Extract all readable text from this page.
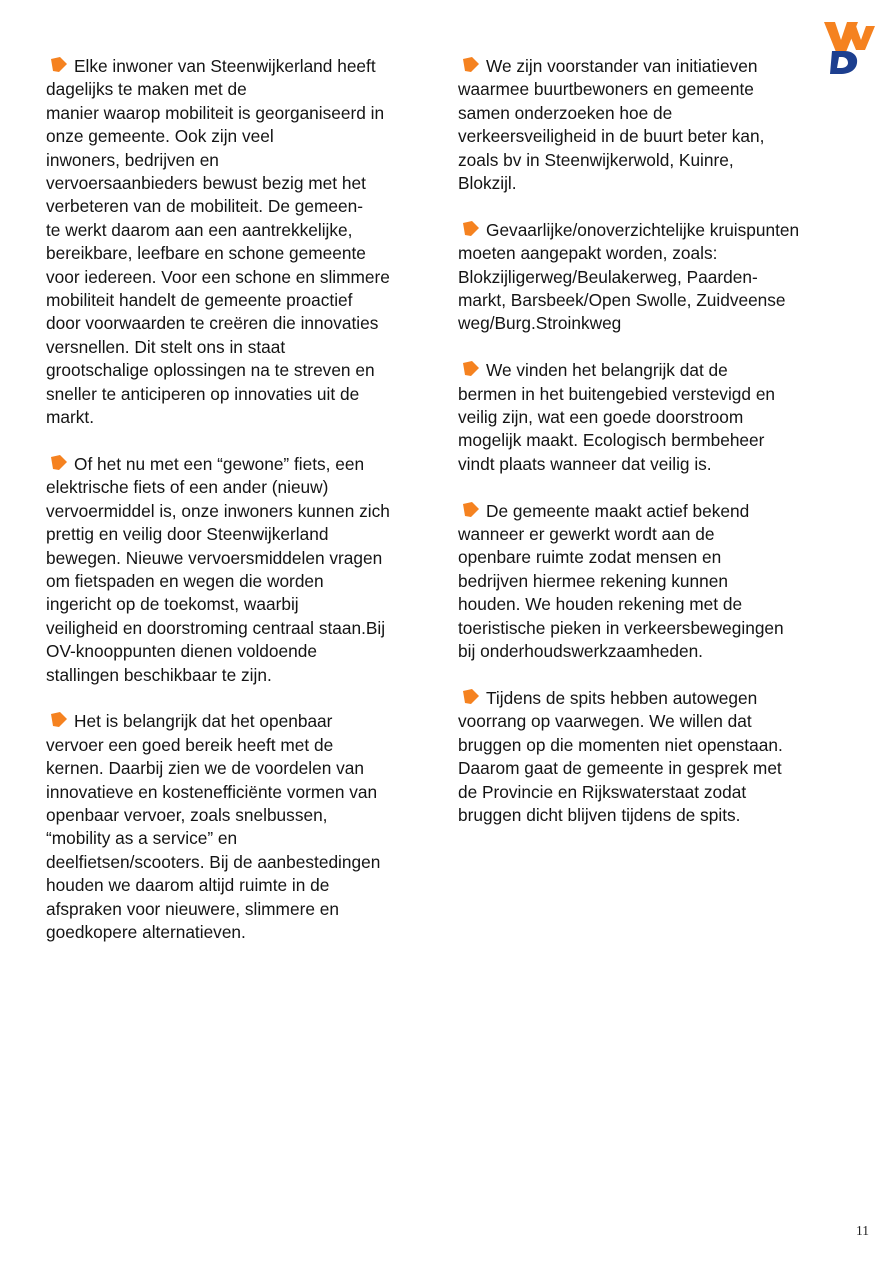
Elke inwoner van Steenwijkerland heeft
dagelijks te maken met de
manier waarop mobiliteit is georganiseerd in
onze gemeente. Ook zijn veel
inwoners, bedrijven en
vervoersaanbieders bewust bezig met het
verbeteren van de mobiliteit. De gemeen-
te werkt daarom aan een aantrekkelijke,
bereikbare, leefbare en schone gemeente
voor iedereen. Voor een schone en slimmere
mobiliteit handelt de gemeente proactief
door voorwaarden te creëren die innovaties
versnellen. Dit stelt ons in staat
grootschalige oplossingen na te streven en
sneller te anticiperen op innovaties uit de
markt.

Of het nu met een “gewone” fiets, een
elektrische fiets of een ander (nieuw)
vervoermiddel is, onze inwoners kunnen zich
prettig en veilig door Steenwijkerland
bewegen. Nieuwe vervoersmiddelen vragen
om fietspaden en wegen die worden
ingericht op de toekomst, waarbij
veiligheid en doorstroming centraal staan.Bij
OV-knooppunten dienen voldoende
stallingen beschikbaar te zijn.

Het is belangrijk dat het openbaar
vervoer een goed bereik heeft met de
kernen. Daarbij zien we de voordelen van
innovatieve en kostenefficiënte vormen van
openbaar vervoer, zoals snelbussen,
“mobility as a service” en
deelfietsen/scooters. Bij de aanbestedingen
houden we daarom altijd ruimte in de
afspraken voor nieuwere, slimmere en
goedkopere alternatieven.

We zijn voorstander van initiatieven
waarmee buurtbewoners en gemeente
samen onderzoeken hoe de
verkeersveiligheid in de buurt beter kan,
zoals bv in Steenwijkerwold, Kuinre,
Blokzijl.

Gevaarlijke/onoverzichtelijke kruispunten
moeten aangepakt worden, zoals:
Blokzijligerweg/Beulakerweg, Paarden-
markt, Barsbeek/Open Swolle, Zuidveense
weg/Burg.Stroinkweg

We vinden het belangrijk dat de
bermen in het buitengebied verstevigd en
veilig zijn, wat een goede doorstroom
mogelijk maakt. Ecologisch bermbeheer
vindt plaats wanneer dat veilig is.

De gemeente maakt actief bekend
wanneer er gewerkt wordt aan de
openbare ruimte zodat mensen en
bedrijven hiermee rekening kunnen
houden. We houden rekening met de
toeristische pieken in verkeersbewegingen
bij onderhoudswerkzaamheden.

Tijdens de spits hebben autowegen
voorrang op vaarwegen. We willen dat
bruggen op die momenten niet openstaan.
Daarom gaat de gemeente in gesprek met
de Provincie en Rijkswaterstaat zodat
bruggen dicht blijven tijdens de spits.

11
